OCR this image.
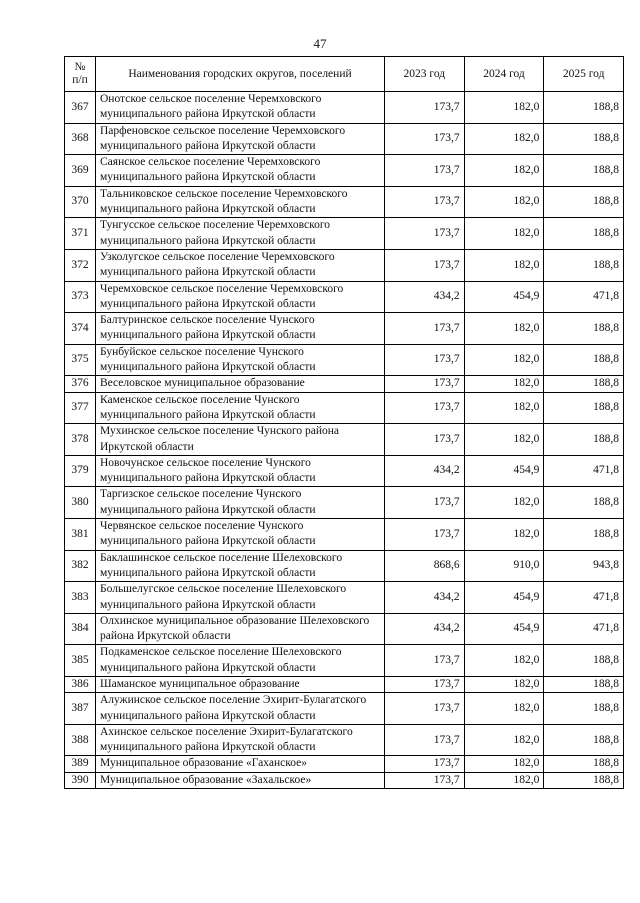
47
№
п/п	Наименования городских округов, поселений	2023 год	2024 год	2025 год
367	Онотское сельское поселение Черемховского муниципального района Иркутской области	173,7	182,0	188,8
368	Парфеновское сельское поселение Черемховского муниципального района Иркутской области	173,7	182,0	188,8
369	Саянское сельское поселение Черемховского муниципального района Иркутской области	173,7	182,0	188,8
370	Тальниковское сельское поселение Черемховского муниципального района Иркутской области	173,7	182,0	188,8
371	Тунгусское сельское поселение Черемховского муниципального района Иркутской области	173,7	182,0	188,8
372	Узколугское сельское поселение Черемховского муниципального района Иркутской области	173,7	182,0	188,8
373	Черемховское сельское поселение Черемховского муниципального района Иркутской области	434,2	454,9	471,8
374	Балтуринское сельское поселение Чунского муниципального района Иркутской области	173,7	182,0	188,8
375	Бунбуйское сельское поселение Чунского муниципального района Иркутской области	173,7	182,0	188,8
376	Веселовское муниципальное образование	173,7	182,0	188,8
377	Каменское сельское поселение Чунского муниципального района Иркутской области	173,7	182,0	188,8
378	Мухинское сельское поселение Чунского района Иркутской области	173,7	182,0	188,8
379	Новочунское сельское поселение Чунского муниципального района Иркутской области	434,2	454,9	471,8
380	Таргизское сельское поселение Чунского муниципального района Иркутской области	173,7	182,0	188,8
381	Червянское сельское поселение Чунского муниципального района Иркутской области	173,7	182,0	188,8
382	Баклашинское сельское поселение Шелеховского муниципального района Иркутской области	868,6	910,0	943,8
383	Большелугское сельское поселение Шелеховского муниципального района Иркутской области	434,2	454,9	471,8
384	Олхинское муниципальное образование Шелеховского района Иркутской области	434,2	454,9	471,8
385	Подкаменское сельское поселение Шелеховского муниципального района Иркутской области	173,7	182,0	188,8
386	Шаманское муниципальное образование	173,7	182,0	188,8
387	Алужинское сельское поселение Эхирит-Булагатского муниципального района Иркутской области	173,7	182,0	188,8
388	Ахинское сельское поселение Эхирит-Булагатского муниципального района Иркутской области	173,7	182,0	188,8
389	Муниципальное образование «Гаханское»	173,7	182,0	188,8
390	Муниципальное образование «Захальское»	173,7	182,0	188,8
